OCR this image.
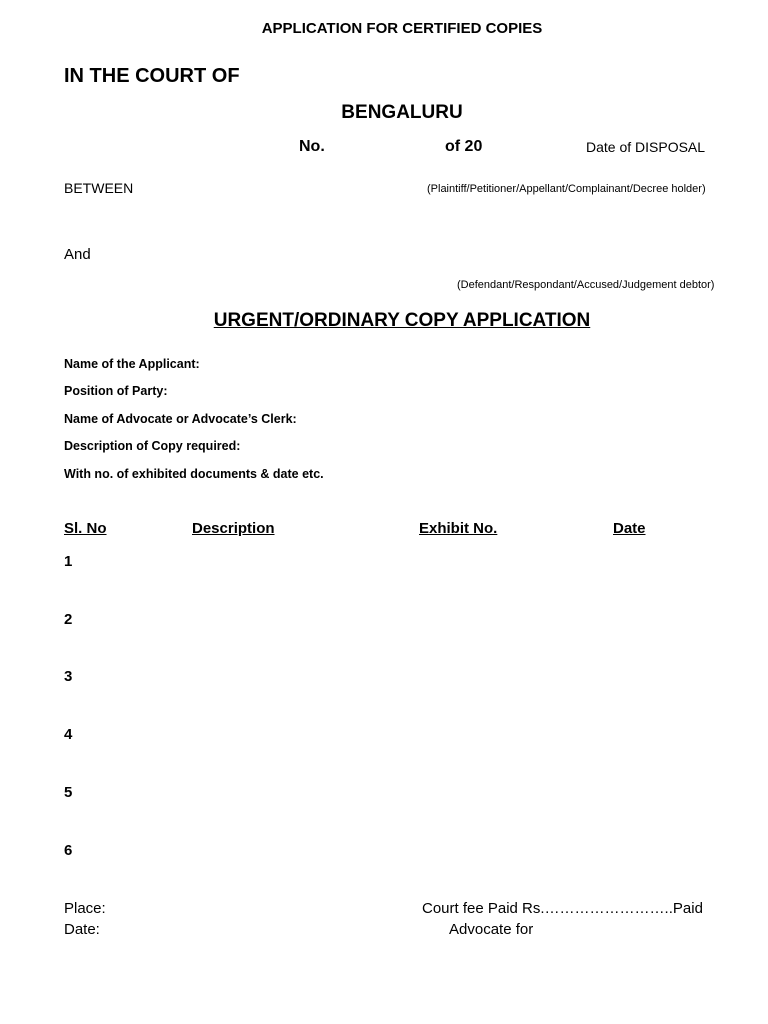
APPLICATION FOR CERTIFIED COPIES
IN THE COURT OF
BENGALURU
No.	of 20	Date of DISPOSAL
BETWEEN	(Plaintiff/Petitioner/Appellant/Complainant/Decree holder)
And
(Defendant/Respondant/Accused/Judgement debtor)
URGENT/ORDINARY COPY APPLICATION
Name of the Applicant:
Position of Party:
Name of Advocate or Advocate’s Clerk:
Description of Copy required:
With no. of exhibited documents & date etc.
Sl. No	Description	Exhibit No.	Date
1
2
3
4
5
6
Place:
Date:
Court fee Paid Rs.……………………..Paid
Advocate for
